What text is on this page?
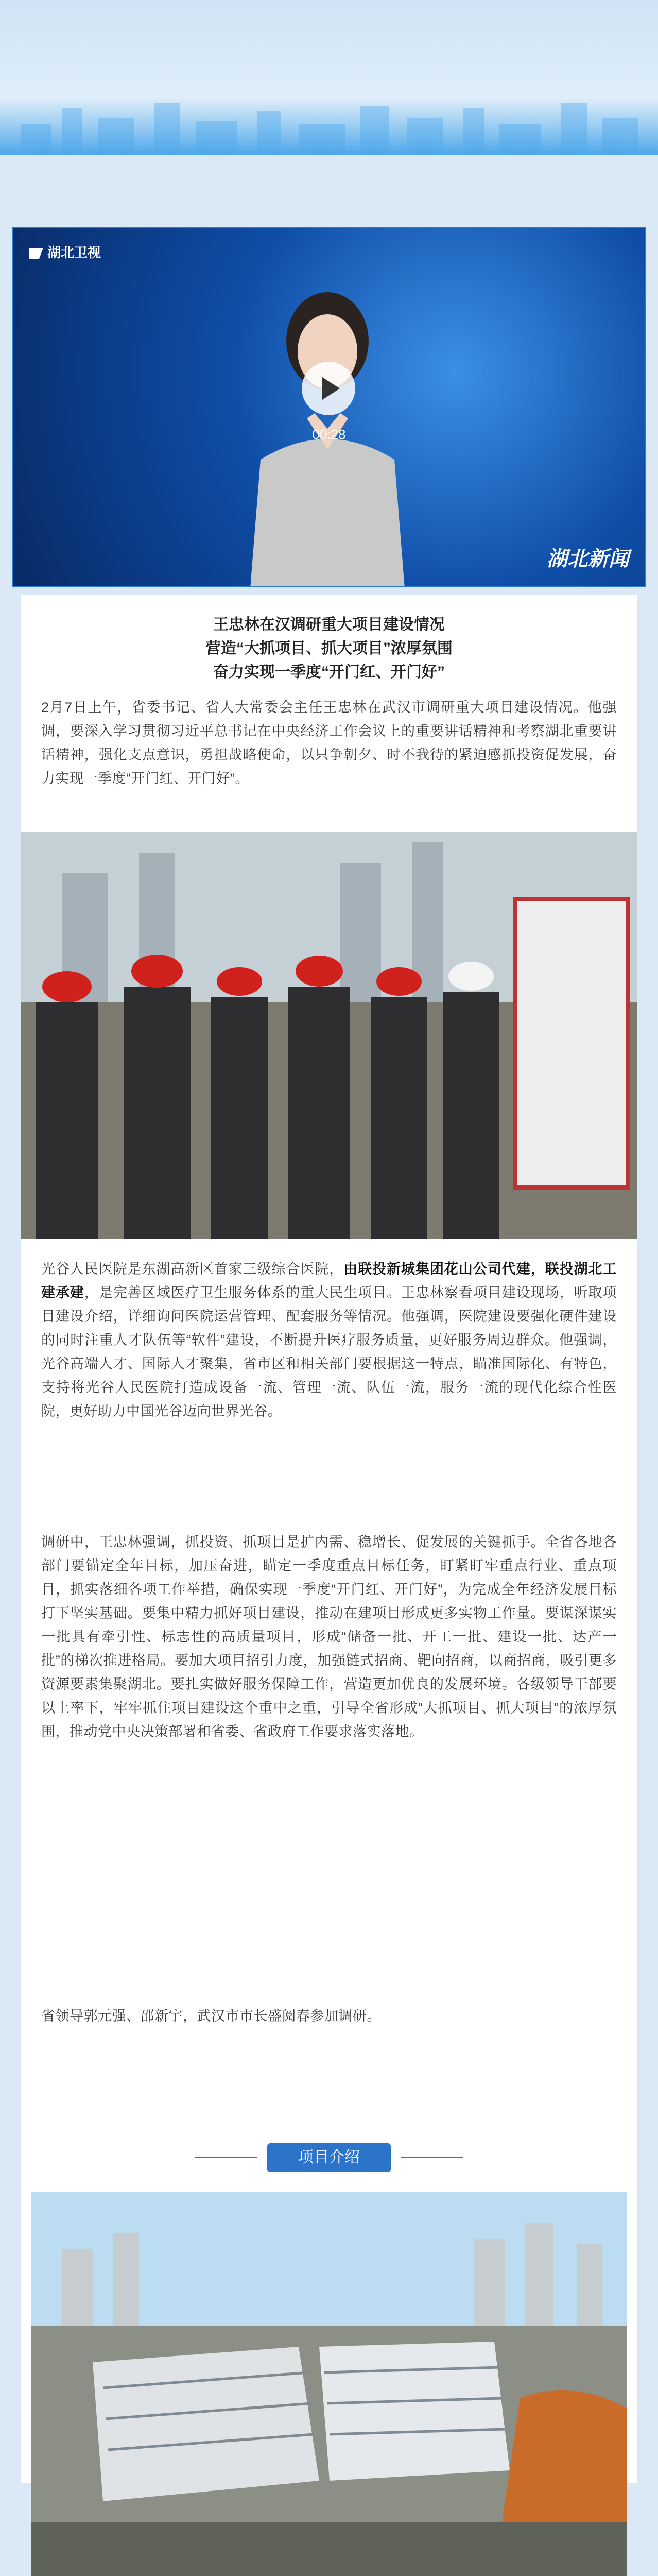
湖北卫视
00:28
湖北新闻
王忠林在汉调研重大项目建设情况
营造“大抓项目、抓大项目”浓厚氛围
奋力实现一季度“开门红、开门好”

2月7日上午，省委书记、省人大常委会主任王忠林在武汉市调研重大项目建设情况。他强调，要深入学习贯彻习近平总书记在中央经济工作会议上的重要讲话精神和考察湖北重要讲话精神，强化支点意识，勇担战略使命，以只争朝夕、时不我待的紧迫感抓投资促发展，奋力实现一季度“开门红、开门好”。

光谷人民医院是东湖高新区首家三级综合医院，由联投新城集团花山公司代建，联投湖北工建承建，是完善区域医疗卫生服务体系的重大民生项目。王忠林察看项目建设现场，听取项目建设介绍，详细询问医院运营管理、配套服务等情况。他强调，医院建设要强化硬件建设的同时注重人才队伍等“软件”建设，不断提升医疗服务质量，更好服务周边群众。他强调，光谷高端人才、国际人才聚集，省市区和相关部门要根据这一特点，瞄准国际化、有特色，支持将光谷人民医院打造成设备一流、管理一流、队伍一流，服务一流的现代化综合性医院，更好助力中国光谷迈向世界光谷。

调研中，王忠林强调，抓投资、抓项目是扩内需、稳增长、促发展的关键抓手。全省各地各部门要锚定全年目标，加压奋进，瞄定一季度重点目标任务，盯紧盯牢重点行业、重点项目，抓实落细各项工作举措，确保实现一季度“开门红、开门好”，为完成全年经济发展目标打下坚实基础。要集中精力抓好项目建设，推动在建项目形成更多实物工作量。要谋深谋实一批具有牵引性、标志性的高质量项目，形成“储备一批、开工一批、建设一批、达产一批”的梯次推进格局。要加大项目招引力度，加强链式招商、靶向招商，以商招商，吸引更多资源要素集聚湖北。要扎实做好服务保障工作，营造更加优良的发展环境。各级领导干部要以上率下，牢牢抓住项目建设这个重中之重，引导全省形成“大抓项目、抓大项目”的浓厚氛围，推动党中央决策部署和省委、省政府工作要求落实落地。

省领导郭元强、邵新宇，武汉市市长盛阅春参加调研。

项目介绍
